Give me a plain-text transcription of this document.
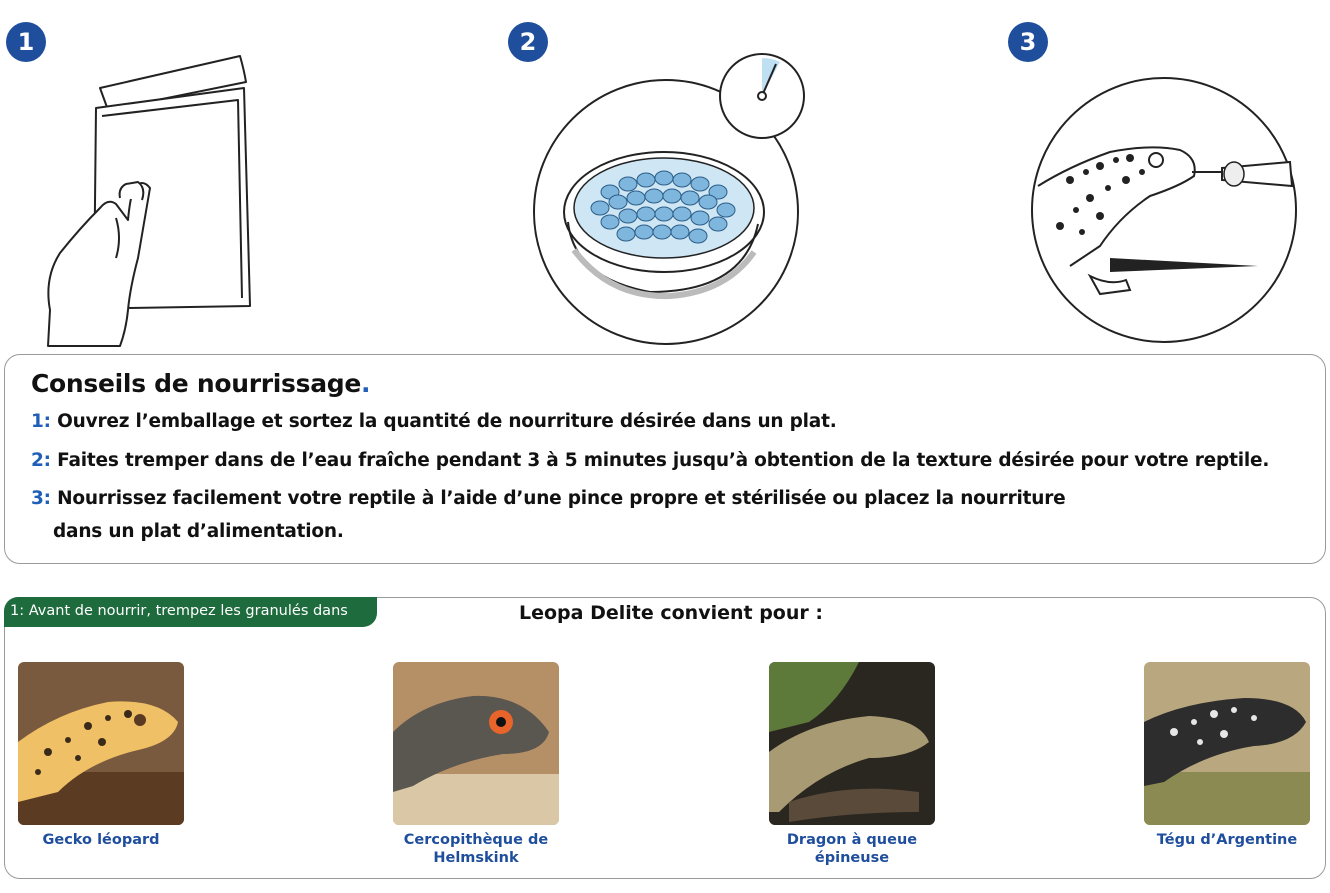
1	2	3
Conseils de nourrissage.
1: Ouvrez l’emballage et sortez la quantité de nourriture désirée dans un plat.
2: Faites tremper dans de l’eau fraîche pendant 3 à 5 minutes jusqu’à obtention de la texture désirée pour votre reptile.
3: Nourrissez facilement votre reptile à l’aide d’une pince propre et stérilisée ou placez la nourriture
dans un plat d’alimentation.
1: Avant de nourrir, trempez les granulés dans	Leopa Delite convient pour :
Gecko léopard	Cercopithèque de Helmskink
Dragon à queue épineuse
Tégu d’Argentine
